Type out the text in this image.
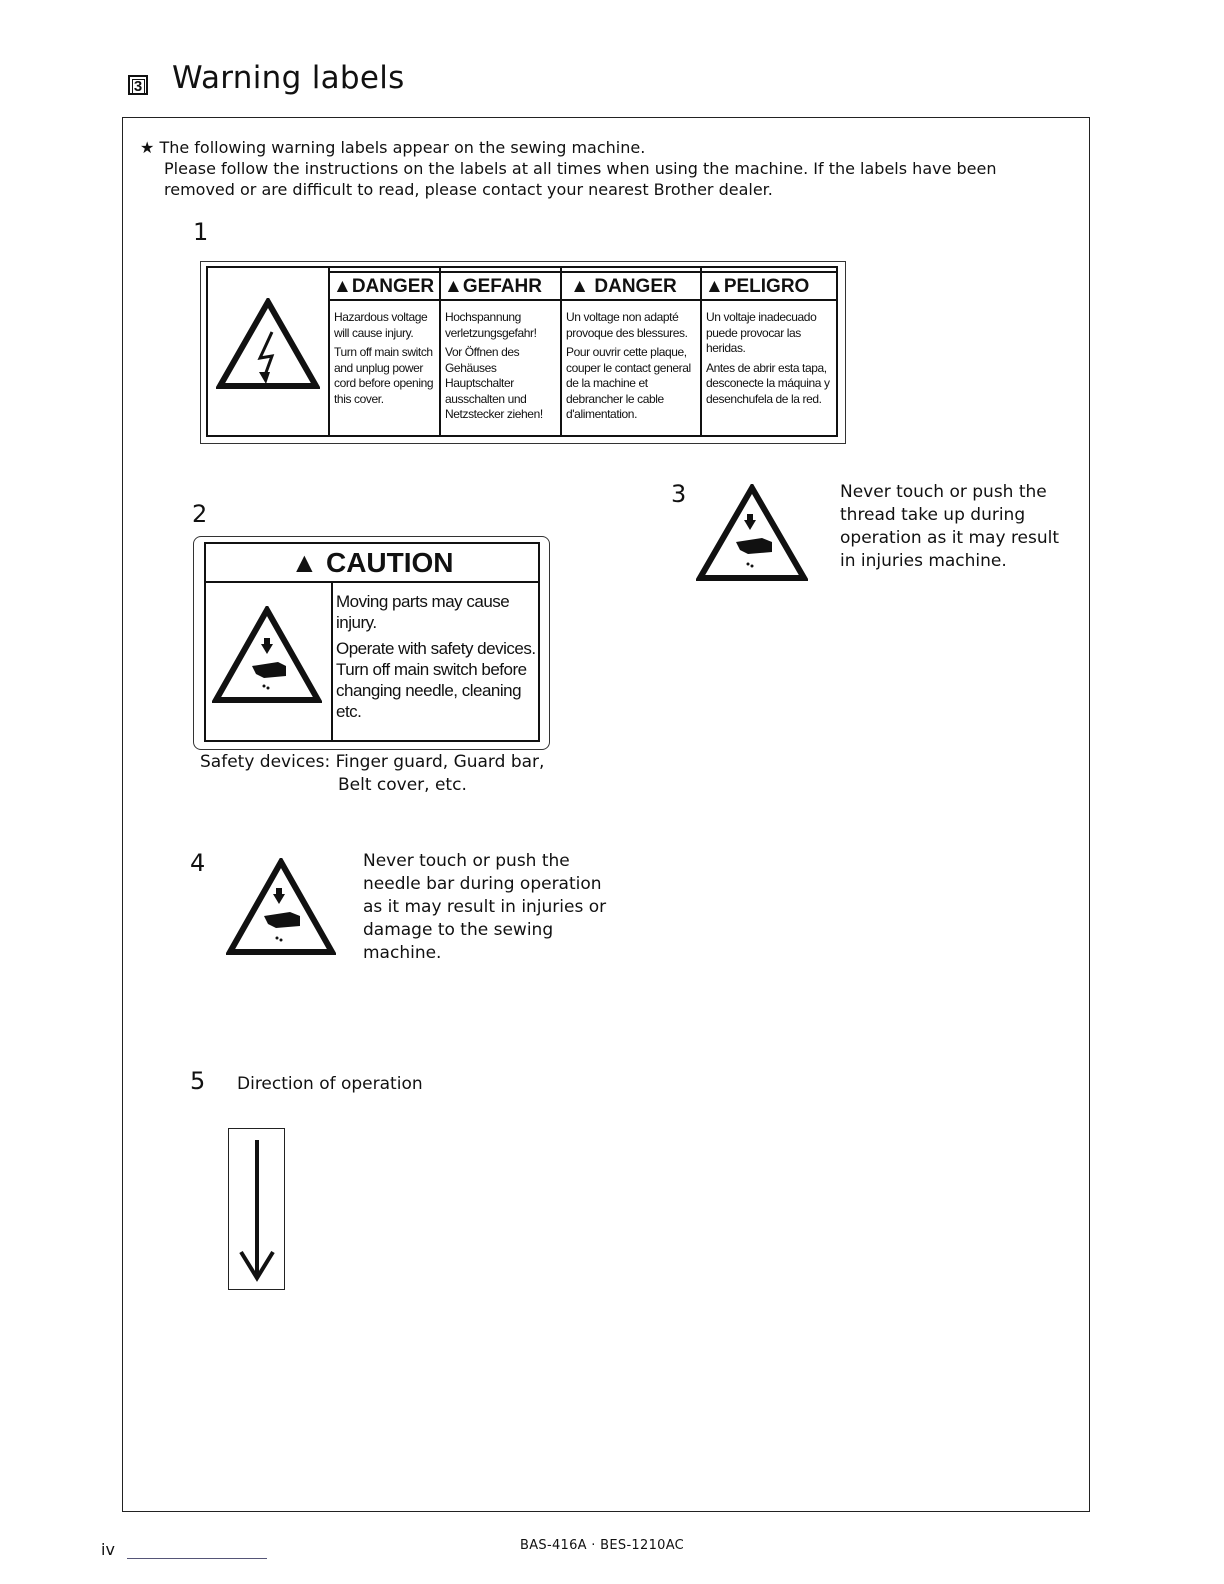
3 Warning labels
★ The following warning labels appear on the sewing machine.
Please follow the instructions on the labels at all times when using the machine. If the labels have been
removed or are difficult to read, please contact your nearest Brother dealer.
1
▲DANGER

Hazardous voltage will cause injury.

Turn off main switch and unplug power cord before opening this cover.

▲GEFAHR

Hochspannung verletzungsgefahr!

Vor Öffnen des Gehäuses Hauptschalter ausschalten und Netzstecker ziehen!

▲ DANGER

Un voltage non adapté provoque des blessures.

Pour ouvrir cette plaque, couper le contact general de la machine et debrancher le cable d'alimentation.

▲PELIGRO

Un voltaje inadecuado puede provocar las heridas.

Antes de abrir esta tapa, desconecte la máquina y desenchufela de la red.

2
▲ CAUTION

Moving parts may cause injury.

Operate with safety devices. Turn off main switch before changing needle, cleaning etc.

Safety devices: Finger guard, Guard bar,
Belt cover, etc.
3	Never touch or push the
thread take up during
operation as it may result
in injuries machine.
4	Never touch or push the
needle bar during operation
as it may result in injuries or
damage to the sewing
machine.
5 Direction of operation
iv	BAS-416A · BES-1210AC
